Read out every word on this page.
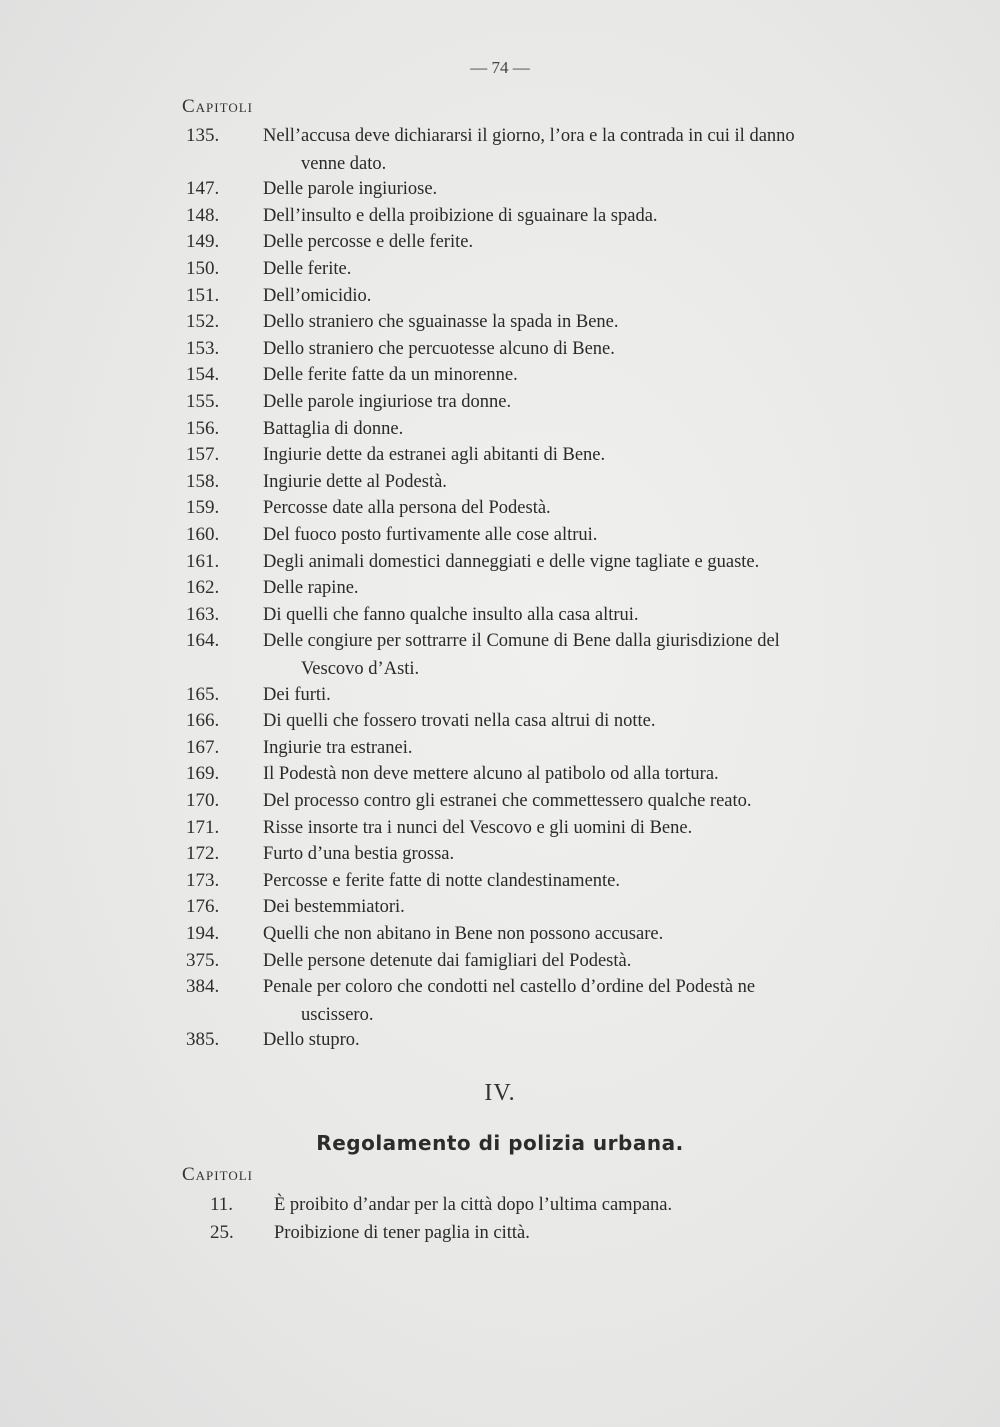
— 74 —
Capitoli
135.	Nell’accusa deve dichiararsi il giorno, l’ora e la contrada in cui il danno
venne dato.
147.	Delle parole ingiuriose.
148.	Dell’insulto e della proibizione di sguainare la spada.
149.	Delle percosse e delle ferite.
150.	Delle ferite.
151.	Dell’omicidio.
152.	Dello straniero che sguainasse la spada in Bene.
153.	Dello straniero che percuotesse alcuno di Bene.
154.	Delle ferite fatte da un minorenne.
155.	Delle parole ingiuriose tra donne.
156.	Battaglia di donne.
157.	Ingiurie dette da estranei agli abitanti di Bene.
158.	Ingiurie dette al Podestà.
159.	Percosse date alla persona del Podestà.
160.	Del fuoco posto furtivamente alle cose altrui.
161.	Degli animali domestici danneggiati e delle vigne tagliate e guaste.
162.	Delle rapine.
163.	Di quelli che fanno qualche insulto alla casa altrui.
164.	Delle congiure per sottrarre il Comune di Bene dalla giurisdizione del
Vescovo d’Asti.
165.	Dei furti.
166.	Di quelli che fossero trovati nella casa altrui di notte.
167.	Ingiurie tra estranei.
169.	Il Podestà non deve mettere alcuno al patibolo od alla tortura.
170.	Del processo contro gli estranei che commettessero qualche reato.
171.	Risse insorte tra i nunci del Vescovo e gli uomini di Bene.
172.	Furto d’una bestia grossa.
173.	Percosse e ferite fatte di notte clandestinamente.
176.	Dei bestemmiatori.
194.	Quelli che non abitano in Bene non possono accusare.
375.	Delle persone detenute dai famigliari del Podestà.
384.	Penale per coloro che condotti nel castello d’ordine del Podestà ne
uscissero.
385.	Dello stupro.
IV.
Regolamento di polizia urbana.
Capitoli
11.	È proibito d’andar per la città dopo l’ultima campana.
25.	Proibizione di tener paglia in città.
